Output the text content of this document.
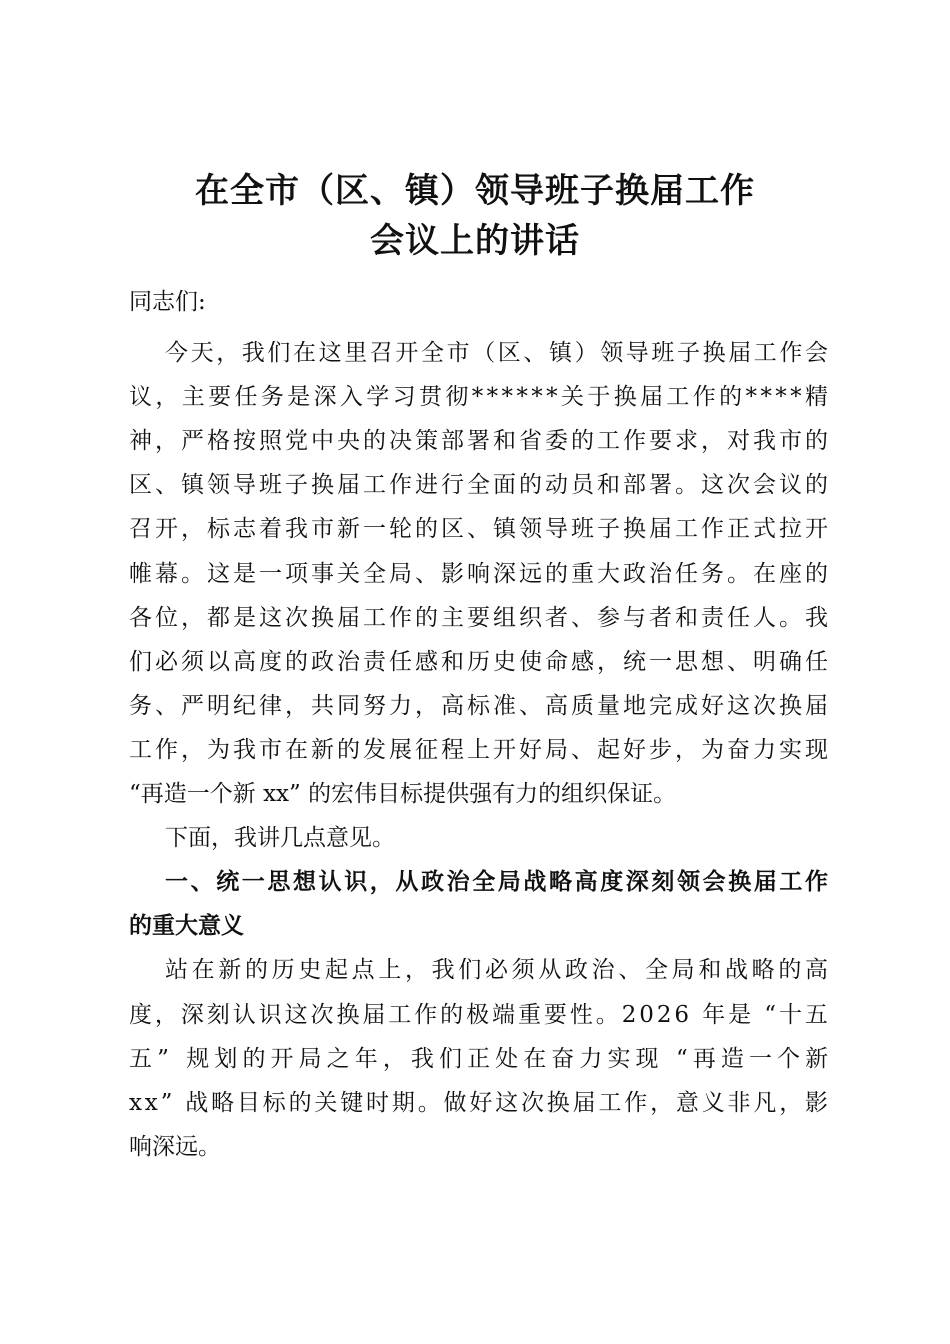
在全市（区、镇）领导班子换届工作
会议上的讲话
同志们:
今天，我们在这里召开全市（区、镇）领导班子换届工作会
议，主要任务是深入学习贯彻******关于换届工作的****精
神，严格按照党中央的决策部署和省委的工作要求，对我市的
区、镇领导班子换届工作进行全面的动员和部署。这次会议的
召开，标志着我市新一轮的区、镇领导班子换届工作正式拉开
帷幕。这是一项事关全局、影响深远的重大政治任务。在座的
各位，都是这次换届工作的主要组织者、参与者和责任人。我
们必须以高度的政治责任感和历史使命感，统一思想、明确任
务、严明纪律，共同努力，高标准、高质量地完成好这次换届
工作，为我市在新的发展征程上开好局、起好步，为奋力实现
“再造一个新 xx” 的宏伟目标提供强有力的组织保证。
下面，我讲几点意见。
一、统一思想认识，从政治全局战略高度深刻领会换届工作
的重大意义
站在新的历史起点上，我们必须从政治、全局和战略的高
度，深刻认识这次换届工作的极端重要性。2026 年是 “十五
五” 规划的开局之年，我们正处在奋力实现 “再造一个新
xx” 战略目标的关键时期。做好这次换届工作，意义非凡，影
响深远。
